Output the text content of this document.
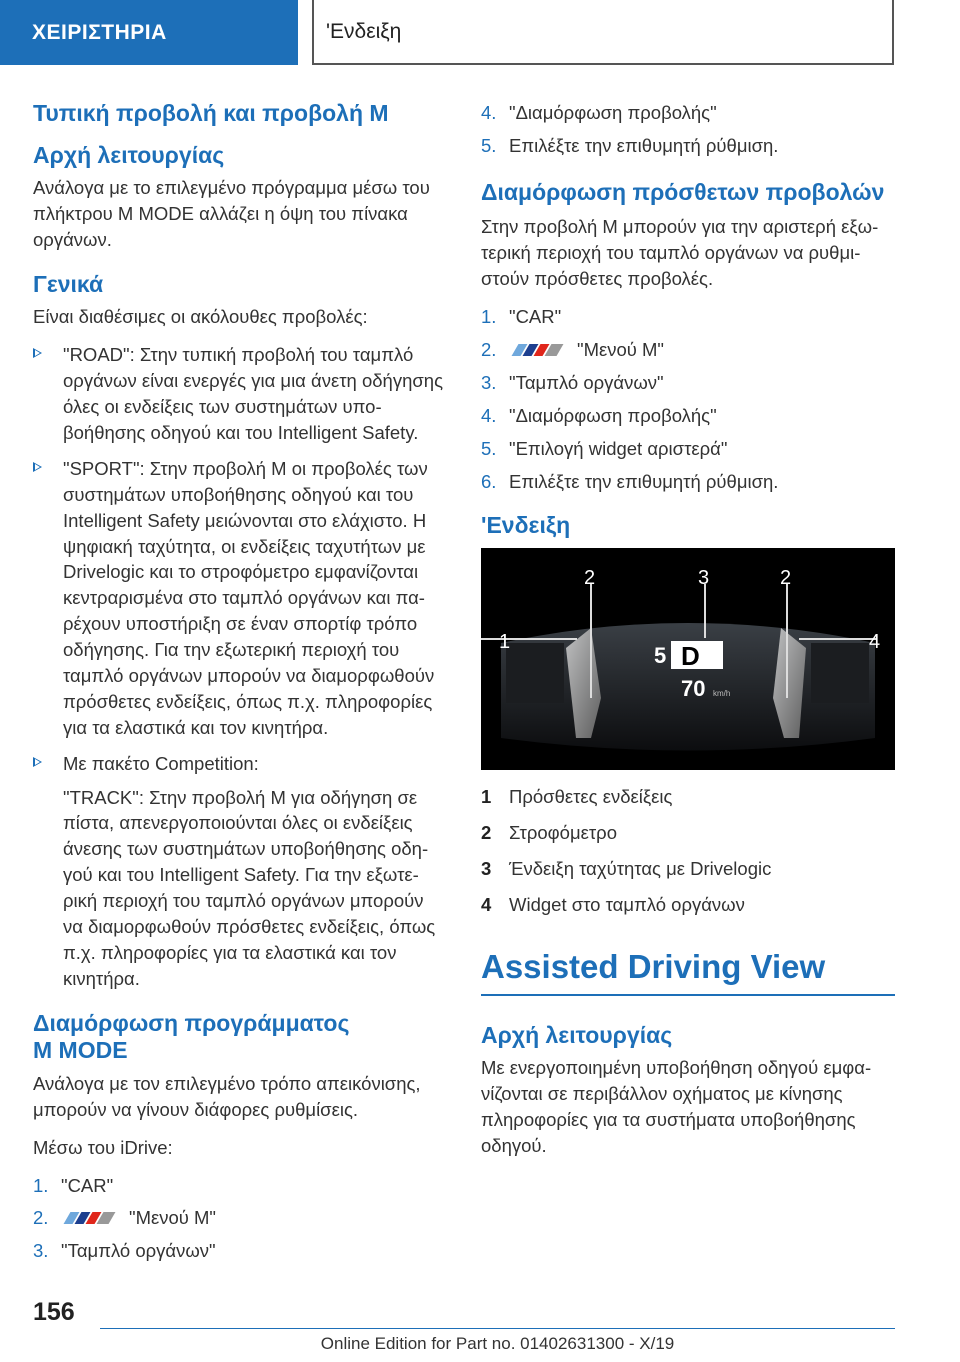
ΧΕΙΡΙΣΤΗΡΙΑ	'Ενδειξη
Τυπική προβολή και προβολή M
Αρχή λειτουργίας

Ανάλογα με το επιλεγμένο πρόγραμμα μέσω του πλήκτρου M MODE αλλάζει η όψη του πίνακα οργάνων.

Γενικά

Είναι διαθέσιμες οι ακόλουθες προβολές:

"ROAD": Στην τυπική προβολή του ταμπλό οργάνων είναι ενεργές για μια άνετη οδήγησης όλες οι ενδείξεις των συστημάτων υποβοήθησης οδηγού και του Intelligent Safety.
"SPORT": Στην προβολή M οι προβολές των συστημάτων υποβοήθησης οδηγού και του Intelligent Safety μειώνονται στο ελάχιστο. Η ψηφιακή ταχύτητα, οι ενδείξεις ταχυτήτων με Drivelogic και το στροφόμετρο εμφανίζονται κεντραρισμένα στο ταμπλό οργάνων και παρέχουν υποστήριξη σε έναν σπορτίφ τρόπο οδήγησης. Για την εξωτερική περιοχή του ταμπλό οργάνων μπορούν να διαμορφωθούν πρόσθετες ενδείξεις, όπως π.χ. πληροφορίες για τα ελαστικά και τον κινητήρα.
Με πακέτο Competition:
"TRACK": Στην προβολή M για οδήγηση σε πίστα, απενεργοποιούνται όλες οι ενδείξεις άνεσης των συστημάτων υποβοήθησης οδηγού και του Intelligent Safety. Για την εξωτερική περιοχή του ταμπλό οργάνων μπορούν να διαμορφωθούν πρόσθετες ενδείξεις, όπως π.χ. πληροφορίες για τα ελαστικά και τον κινητήρα.
Διαμόρφωση προγράμματος
M MODE

Ανάλογα με τον επιλεγμένο τρόπο απεικόνισης, μπορούν να γίνουν διάφορες ρυθμίσεις.

Μέσω του iDrive:

1. "CAR"
2.	"Μενού M"
3. "Ταμπλό οργάνων"
4. "Διαμόρφωση προβολής"
5. Επιλέξτε την επιθυμητή ρύθμιση.
Διαμόρφωση πρόσθετων προβολών

Στην προβολή M μπορούν για την αριστερή εξωτερική περιοχή του ταμπλό οργάνων να ρυθμιστούν πρόσθετες προβολές.

1. "CAR"
2.	"Μενού M"
3. "Ταμπλό οργάνων"
4. "Διαμόρφωση προβολής"
5. "Επιλογή widget αριστερά"
6. Επιλέξτε την επιθυμητή ρύθμιση.
'Ενδειξη
1
2	3	2
4
5 D
70 km/h
1 Πρόσθετες ενδείξεις
2 Στροφόμετρο
3 Ένδειξη ταχύτητας με Drivelogic
4 Widget στο ταμπλό οργάνων
Assisted Driving View
Αρχή λειτουργίας

Με ενεργοποιημένη υποβοήθηση οδηγού εμφανίζονται σε περιβάλλον οχήματος με κίνησης πληροφορίες για τα συστήματα υποβοήθησης οδηγού.

156
Online Edition for Part no. 01402631300 - X/19
